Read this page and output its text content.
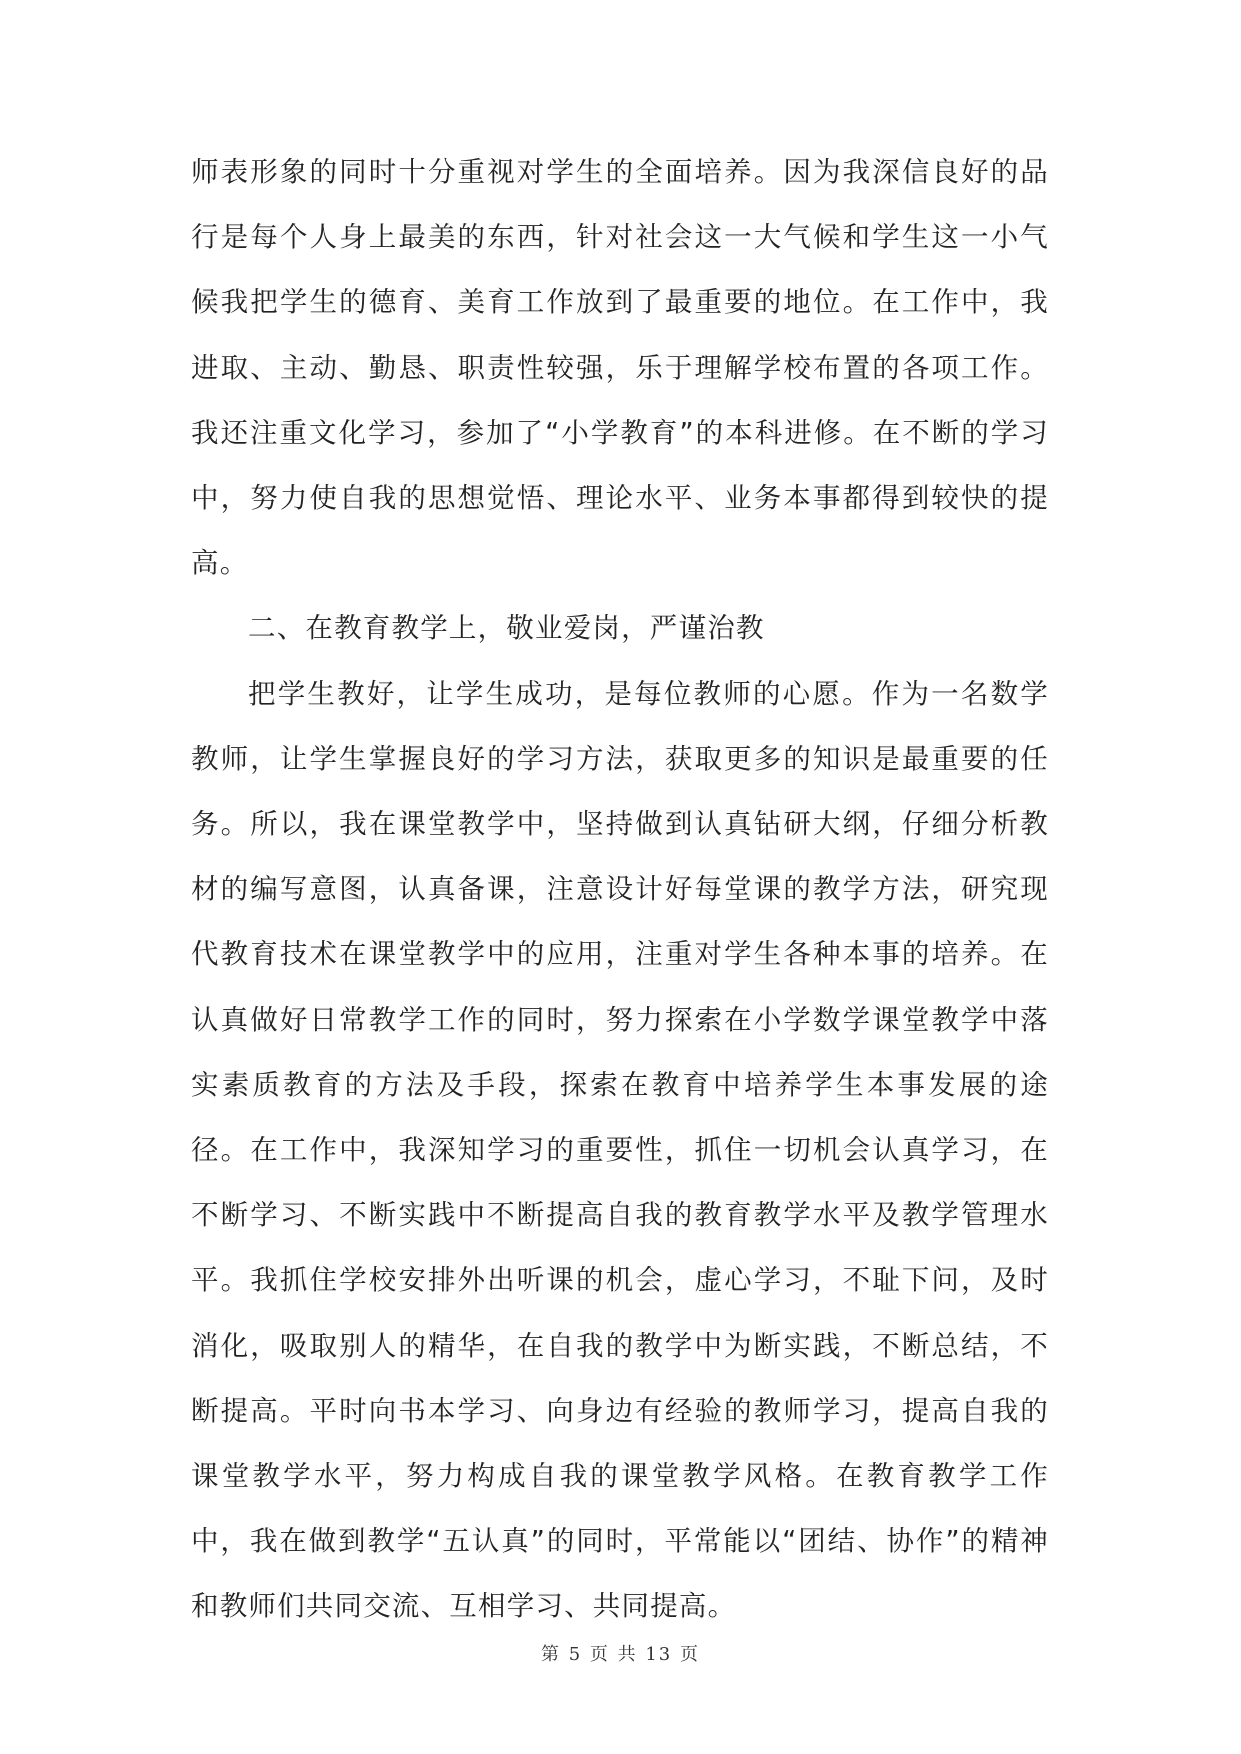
师表形象的同时十分重视对学生的全面培养。因为我深信良好的品行是每个人身上最美的东西，针对社会这一大气候和学生这一小气候我把学生的德育、美育工作放到了最重要的地位。在工作中，我进取、主动、勤恳、职责性较强，乐于理解学校布置的各项工作。我还注重文化学习，参加了“小学教育”的本科进修。在不断的学习中，努力使自我的思想觉悟、理论水平、业务本事都得到较快的提高。

二、在教育教学上，敬业爱岗，严谨治教

把学生教好，让学生成功，是每位教师的心愿。作为一名数学教师，让学生掌握良好的学习方法，获取更多的知识是最重要的任务。所以，我在课堂教学中，坚持做到认真钻研大纲，仔细分析教材的编写意图，认真备课，注意设计好每堂课的教学方法，研究现代教育技术在课堂教学中的应用，注重对学生各种本事的培养。在认真做好日常教学工作的同时，努力探索在小学数学课堂教学中落实素质教育的方法及手段，探索在教育中培养学生本事发展的途径。在工作中，我深知学习的重要性，抓住一切机会认真学习，在不断学习、不断实践中不断提高自我的教育教学水平及教学管理水平。我抓住学校安排外出听课的机会，虚心学习，不耻下问，及时消化，吸取别人的精华，在自我的教学中为断实践，不断总结，不断提高。平时向书本学习、向身边有经验的教师学习，提高自我的课堂教学水平，努力构成自我的课堂教学风格。在教育教学工作中，我在做到教学“五认真”的同时，平常能以“团结、协作”的精神和教师们共同交流、互相学习、共同提高。

第 5 页 共 13 页
